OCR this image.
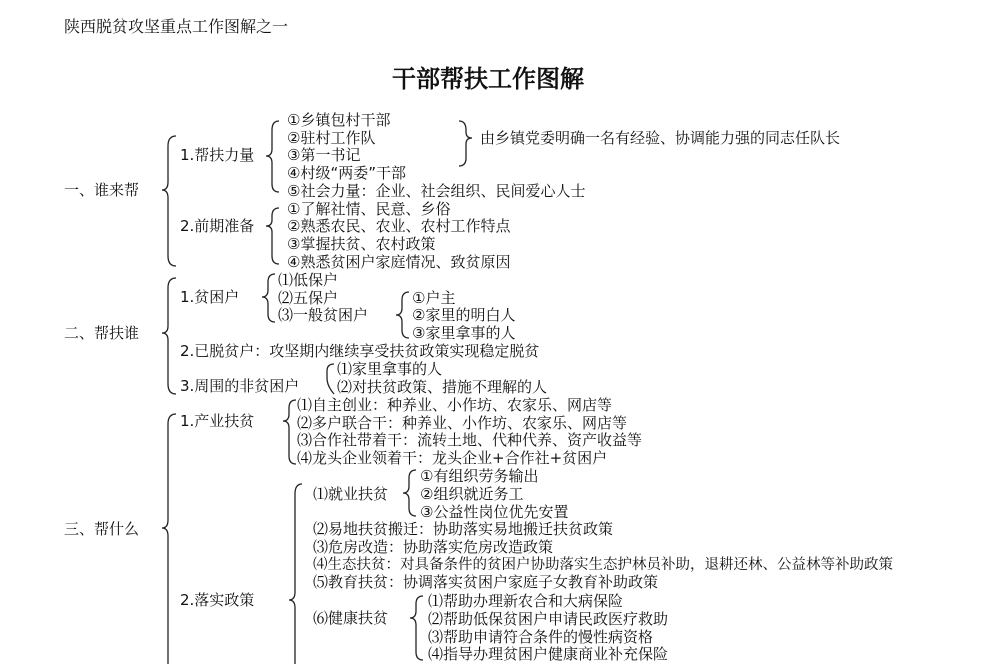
陕西脱贫攻坚重点工作图解之一
干部帮扶工作图解
一、谁来帮
1.帮扶力量
①乡镇包村干部
②驻村工作队
③第一书记
④村级“两委”干部
⑤社会力量：企业、社会组织、民间爱心人士
由乡镇党委明确一名有经验、协调能力强的同志任队长
2.前期准备
①了解社情、民意、乡俗
②熟悉农民、农业、农村工作特点
③掌握扶贫、农村政策
④熟悉贫困户家庭情况、致贫原因
二、帮扶谁
1.贫困户
⑴低保户
⑵五保户
⑶一般贫困户
①户主
②家里的明白人
③家里拿事的人
2.已脱贫户：攻坚期内继续享受扶贫政策实现稳定脱贫
3.周围的非贫困户
⑴家里拿事的人
⑵对扶贫政策、措施不理解的人
三、帮什么
1.产业扶贫
⑴自主创业：种养业、小作坊、农家乐、网店等
⑵多户联合干：种养业、小作坊、农家乐、网店等
⑶合作社带着干：流转土地、代种代养、资产收益等
⑷龙头企业领着干：龙头企业+合作社+贫困户
2.落实政策
⑴就业扶贫
①有组织劳务输出
②组织就近务工
③公益性岗位优先安置
⑵易地扶贫搬迁：协助落实易地搬迁扶贫政策
⑶危房改造：协助落实危房改造政策
⑷生态扶贫：对具备条件的贫困户协助落实生态护林员补助，退耕还林、公益林等补助政策
⑸教育扶贫：协调落实贫困户家庭子女教育补助政策
⑹健康扶贫
⑴帮助办理新农合和大病保险
⑵帮助低保贫困户申请民政医疗救助
⑶帮助申请符合条件的慢性病资格
⑷指导办理贫困户健康商业补充保险
